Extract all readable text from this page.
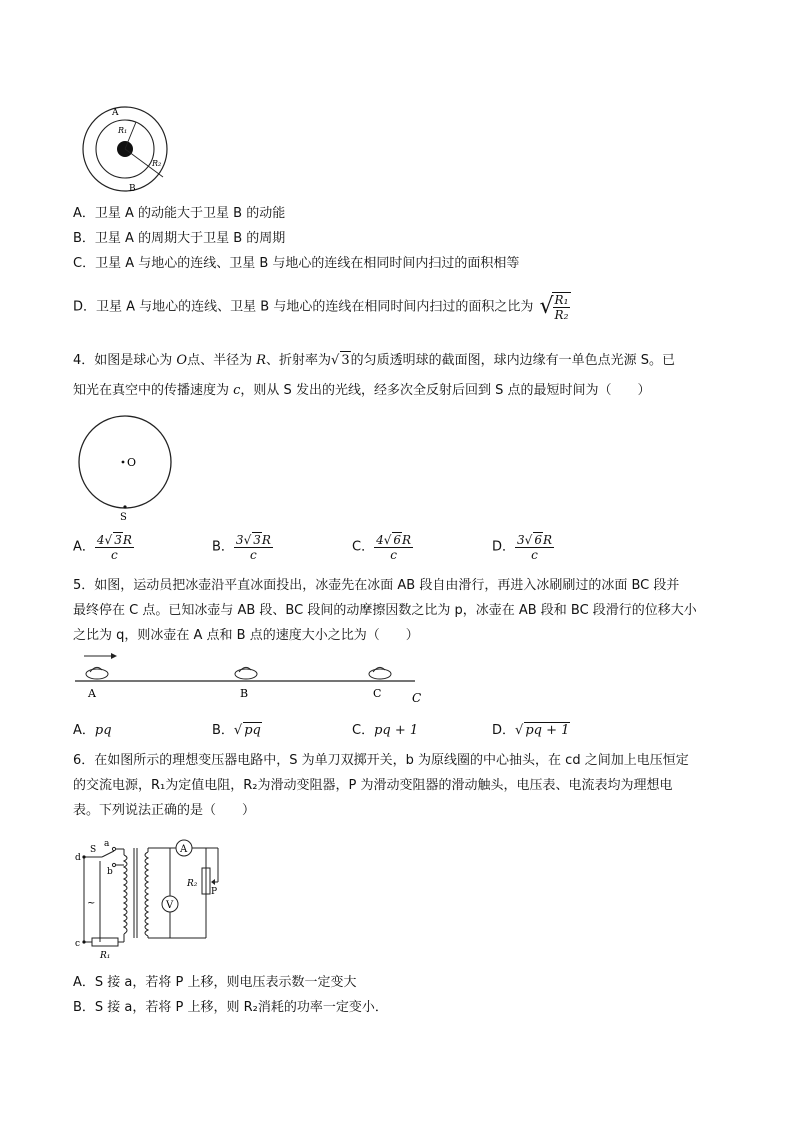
A
R₁
R₂
B
A．卫星 A 的动能大于卫星 B 的动能
B．卫星 A 的周期大于卫星 B 的周期
C．卫星 A 与地心的连线、卫星 B 与地心的连线在相同时间内扫过的面积相等
D．卫星 A 与地心的连线、卫星 B 与地心的连线在相同时间内扫过的面积之比为 √
$\frac{\text{R₁}}{\text{R₂}}$
4．如图是球心为 O点、半径为 R、折射率为√ 3的匀质透明球的截面图，球内边缘有一单色点光源 S。已
知光在真空中的传播速度为 c，则从 S 发出的光线，经多次全反射后回到 S 点的最短时间为（　　）
O
S
A． $\frac{4√ 3R}{c}$	B． $\frac{3√ 3R}{c}$	C． $\frac{4√ 6R}{c}$	D． $\frac{3√ 6R}{c}$
5．如图，运动员把冰壶沿平直冰面投出，冰壶先在冰面 AB 段自由滑行，再进入冰刷刷过的冰面 BC 段并
最终停在 C 点。已知冰壶与 AB 段、BC 段间的动摩擦因数之比为 p，冰壶在 AB 段和 BC 段滑行的位移大小
之比为 q，则冰壶在 A 点和 B 点的速度大小之比为（　　）
A	B	C	C
A．pq	B．√ pq	C．pq + 1	D．√ pq + 1
6．在如图所示的理想变压器电路中，S 为单刀双掷开关，b 为原线圈的中心抽头，在 cd 之间加上电压恒定
的交流电源，R₁为定值电阻，R₂为滑动变阻器，P 为滑动变阻器的滑动触头，电压表、电流表均为理想电
表。下列说法正确的是（　　）
d
S
a
b
~
c
R₁
A
V
R₂
P
A．S 接 a，若将 P 上移，则电压表示数一定变大
B．S 接 a，若将 P 上移，则 R₂消耗的功率一定变小．
